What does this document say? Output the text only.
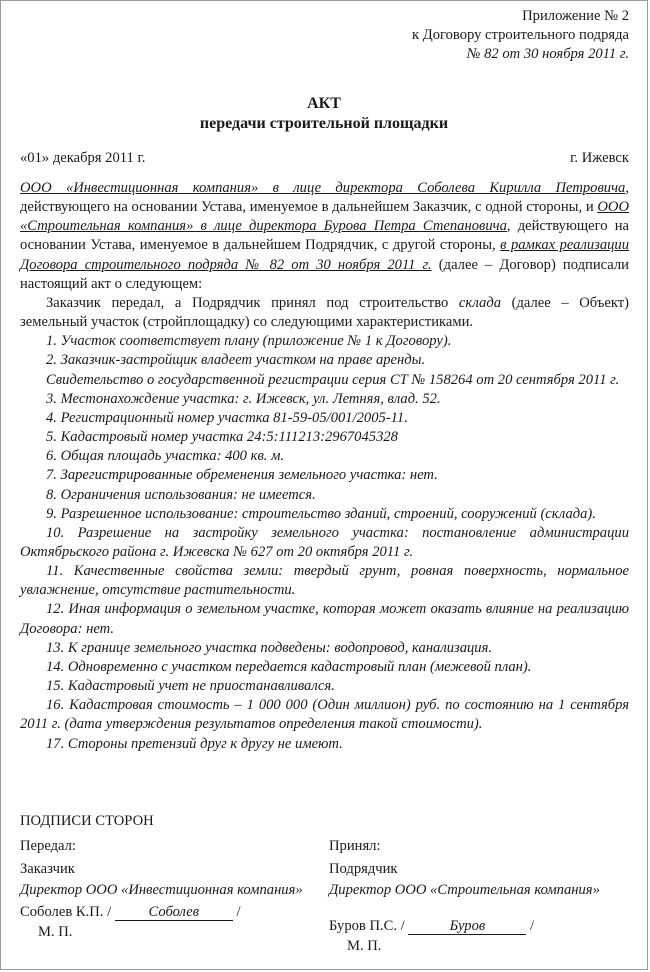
Приложение № 2
к Договору строительного подряда
№ 82 от 30 ноября 2011 г.
АКТ
передачи строительной площадки
«01» декабря 2011 г.	г. Ижевск

ООО «Инвестиционная компания» в лице директора Соболева Кирилла Петровича, действующего на основании Устава, именуемое в дальнейшем Заказчик, с одной стороны, и ООО «Строительная компания» в лице директора Бурова Петра Степановича, действующего на основании Устава, именуемое в дальнейшем Подрядчик, с другой стороны, в рамках реализации Договора строительного подряда № 82 от 30 ноября 2011 г. (далее – Договор) подписали настоящий акт о следующем:

Заказчик передал, а Подрядчик принял под строительство склада (далее – Объект) земельный участок (стройплощадку) со следующими характеристиками.

1. Участок соответствует плану (приложение № 1 к Договору).

2. Заказчик-застройщик владеет участком на праве аренды.

Свидетельство о государственной регистрации серия СТ № 158264 от 20 сентября 2011 г.

3. Местонахождение участка: г. Ижевск, ул. Летняя, влад. 52.

4. Регистрационный номер участка 81-59-05/001/2005-11.

5. Кадастровый номер участка 24:5:111213:2967045328

6. Общая площадь участка: 400 кв. м.

7. Зарегистрированные обременения земельного участка: нет.

8. Ограничения использования: не имеется.

9. Разрешенное использование: строительство зданий, строений, сооружений (склада).

10. Разрешение на застройку земельного участка: постановление администрации Октябрьского района г. Ижевска № 627 от 20 октября 2011 г.

11. Качественные свойства земли: твердый грунт, ровная поверхность, нормальное увлажнение, отсутствие растительности.

12. Иная информация о земельном участке, которая может оказать влияние на реализацию Договора: нет.

13. К границе земельного участка подведены: водопровод, канализация.

14. Одновременно с участком передается кадастровый план (межевой план).

15. Кадастровый учет не приостанавливался.

16. Кадастровая стоимость – 1 000 000 (Один миллион) руб. по состоянию на 1 сентября 2011 г. (дата утверждения результатов определения такой стоимости).

17. Стороны претензий друг к другу не имеют.

ПОДПИСИ СТОРОН
Передал:
Заказчик
Директор ООО «Инвестиционная компания»
Соболев К.П. /	Соболев	/
М. П.
Принял:
Подрядчик
Директор ООО «Строительная компания»
Буров П.С. /	Буров	/
М. П.
